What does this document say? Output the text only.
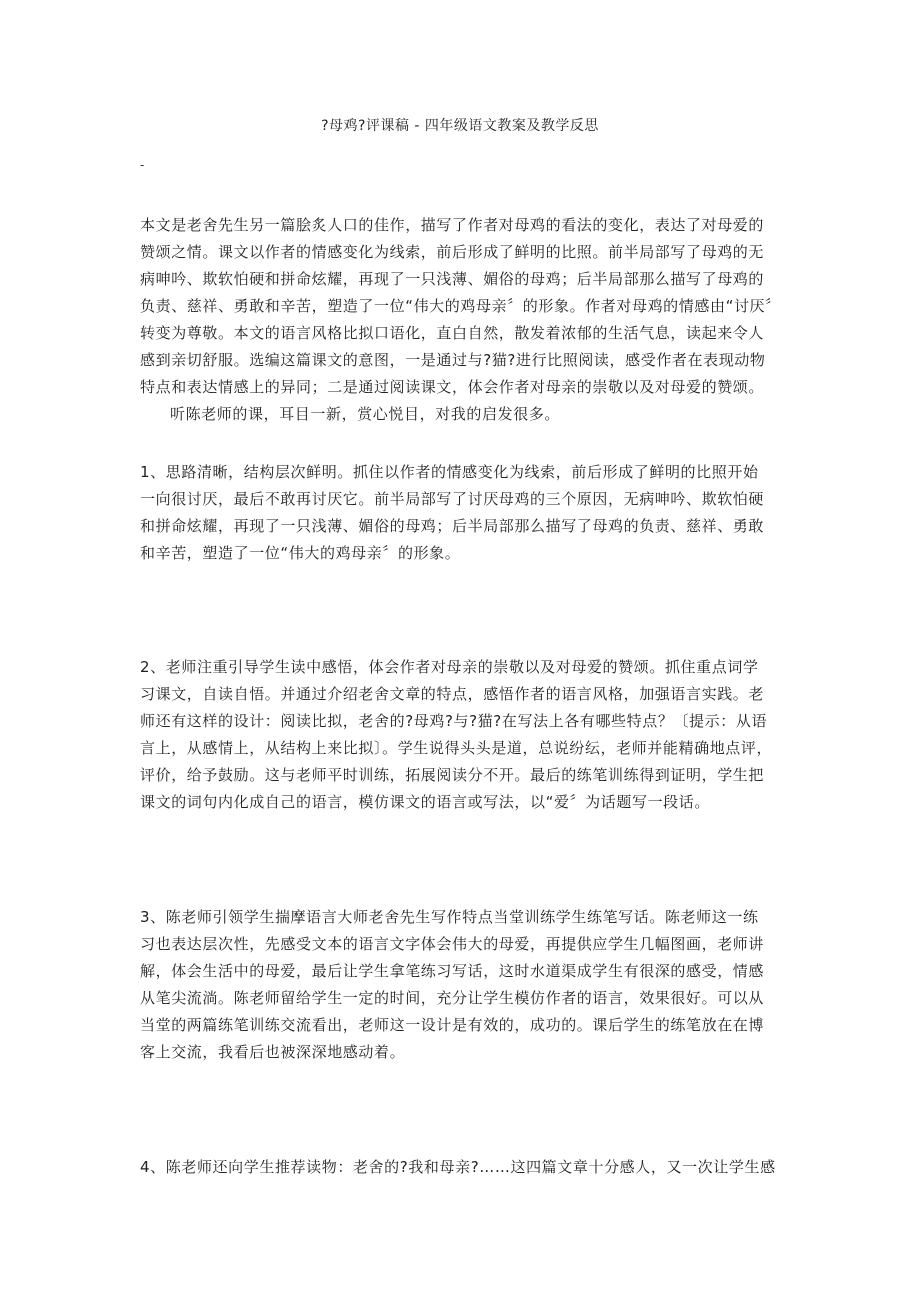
?母鸡?评课稿 - 四年级语文教案及教学反思
-
本文是老舍先生另一篇脍炙人口的佳作，描写了作者对母鸡的看法的变化，表达了对母爱的
赞颂之情。课文以作者的情感变化为线索，前后形成了鲜明的比照。前半局部写了母鸡的无
病呻吟、欺软怕硬和拼命炫耀，再现了一只浅薄、媚俗的母鸡；后半局部那么描写了母鸡的
负责、慈祥、勇敢和辛苦，塑造了一位“伟大的鸡母亲〞的形象。作者对母鸡的情感由“讨厌〞
转变为尊敬。本文的语言风格比拟口语化，直白自然，散发着浓郁的生活气息，读起来令人
感到亲切舒服。选编这篇课文的意图，一是通过与?猫?进行比照阅读，感受作者在表现动物
特点和表达情感上的异同；二是通过阅读课文，体会作者对母亲的崇敬以及对母爱的赞颂。
听陈老师的课，耳目一新，赏心悦目，对我的启发很多。
1、思路清晰，结构层次鲜明。抓住以作者的情感变化为线索，前后形成了鲜明的比照开始
一向很讨厌，最后不敢再讨厌它。前半局部写了讨厌母鸡的三个原因，无病呻吟、欺软怕硬
和拼命炫耀，再现了一只浅薄、媚俗的母鸡；后半局部那么描写了母鸡的负责、慈祥、勇敢
和辛苦，塑造了一位“伟大的鸡母亲〞的形象。
2、老师注重引导学生读中感悟，体会作者对母亲的崇敬以及对母爱的赞颂。抓住重点词学
习课文，自读自悟。并通过介绍老舍文章的特点，感悟作者的语言风格，加强语言实践。老
师还有这样的设计：阅读比拟，老舍的?母鸡?与?猫?在写法上各有哪些特点？〔提示：从语
言上，从感情上，从结构上来比拟〕。学生说得头头是道，总说纷纭，老师并能精确地点评，
评价，给予鼓励。这与老师平时训练，拓展阅读分不开。最后的练笔训练得到证明，学生把
课文的词句内化成自己的语言，模仿课文的语言或写法，以“爱〞为话题写一段话。
3、陈老师引领学生揣摩语言大师老舍先生写作特点当堂训练学生练笔写话。陈老师这一练
习也表达层次性，先感受文本的语言文字体会伟大的母爱，再提供应学生几幅图画，老师讲
解，体会生活中的母爱，最后让学生拿笔练习写话，这时水道渠成学生有很深的感受，情感
从笔尖流淌。陈老师留给学生一定的时间，充分让学生模仿作者的语言，效果很好。可以从
当堂的两篇练笔训练交流看出，老师这一设计是有效的，成功的。课后学生的练笔放在在博
客上交流，我看后也被深深地感动着。
4、陈老师还向学生推荐读物：老舍的?我和母亲?……这四篇文章十分感人，又一次让学生感
